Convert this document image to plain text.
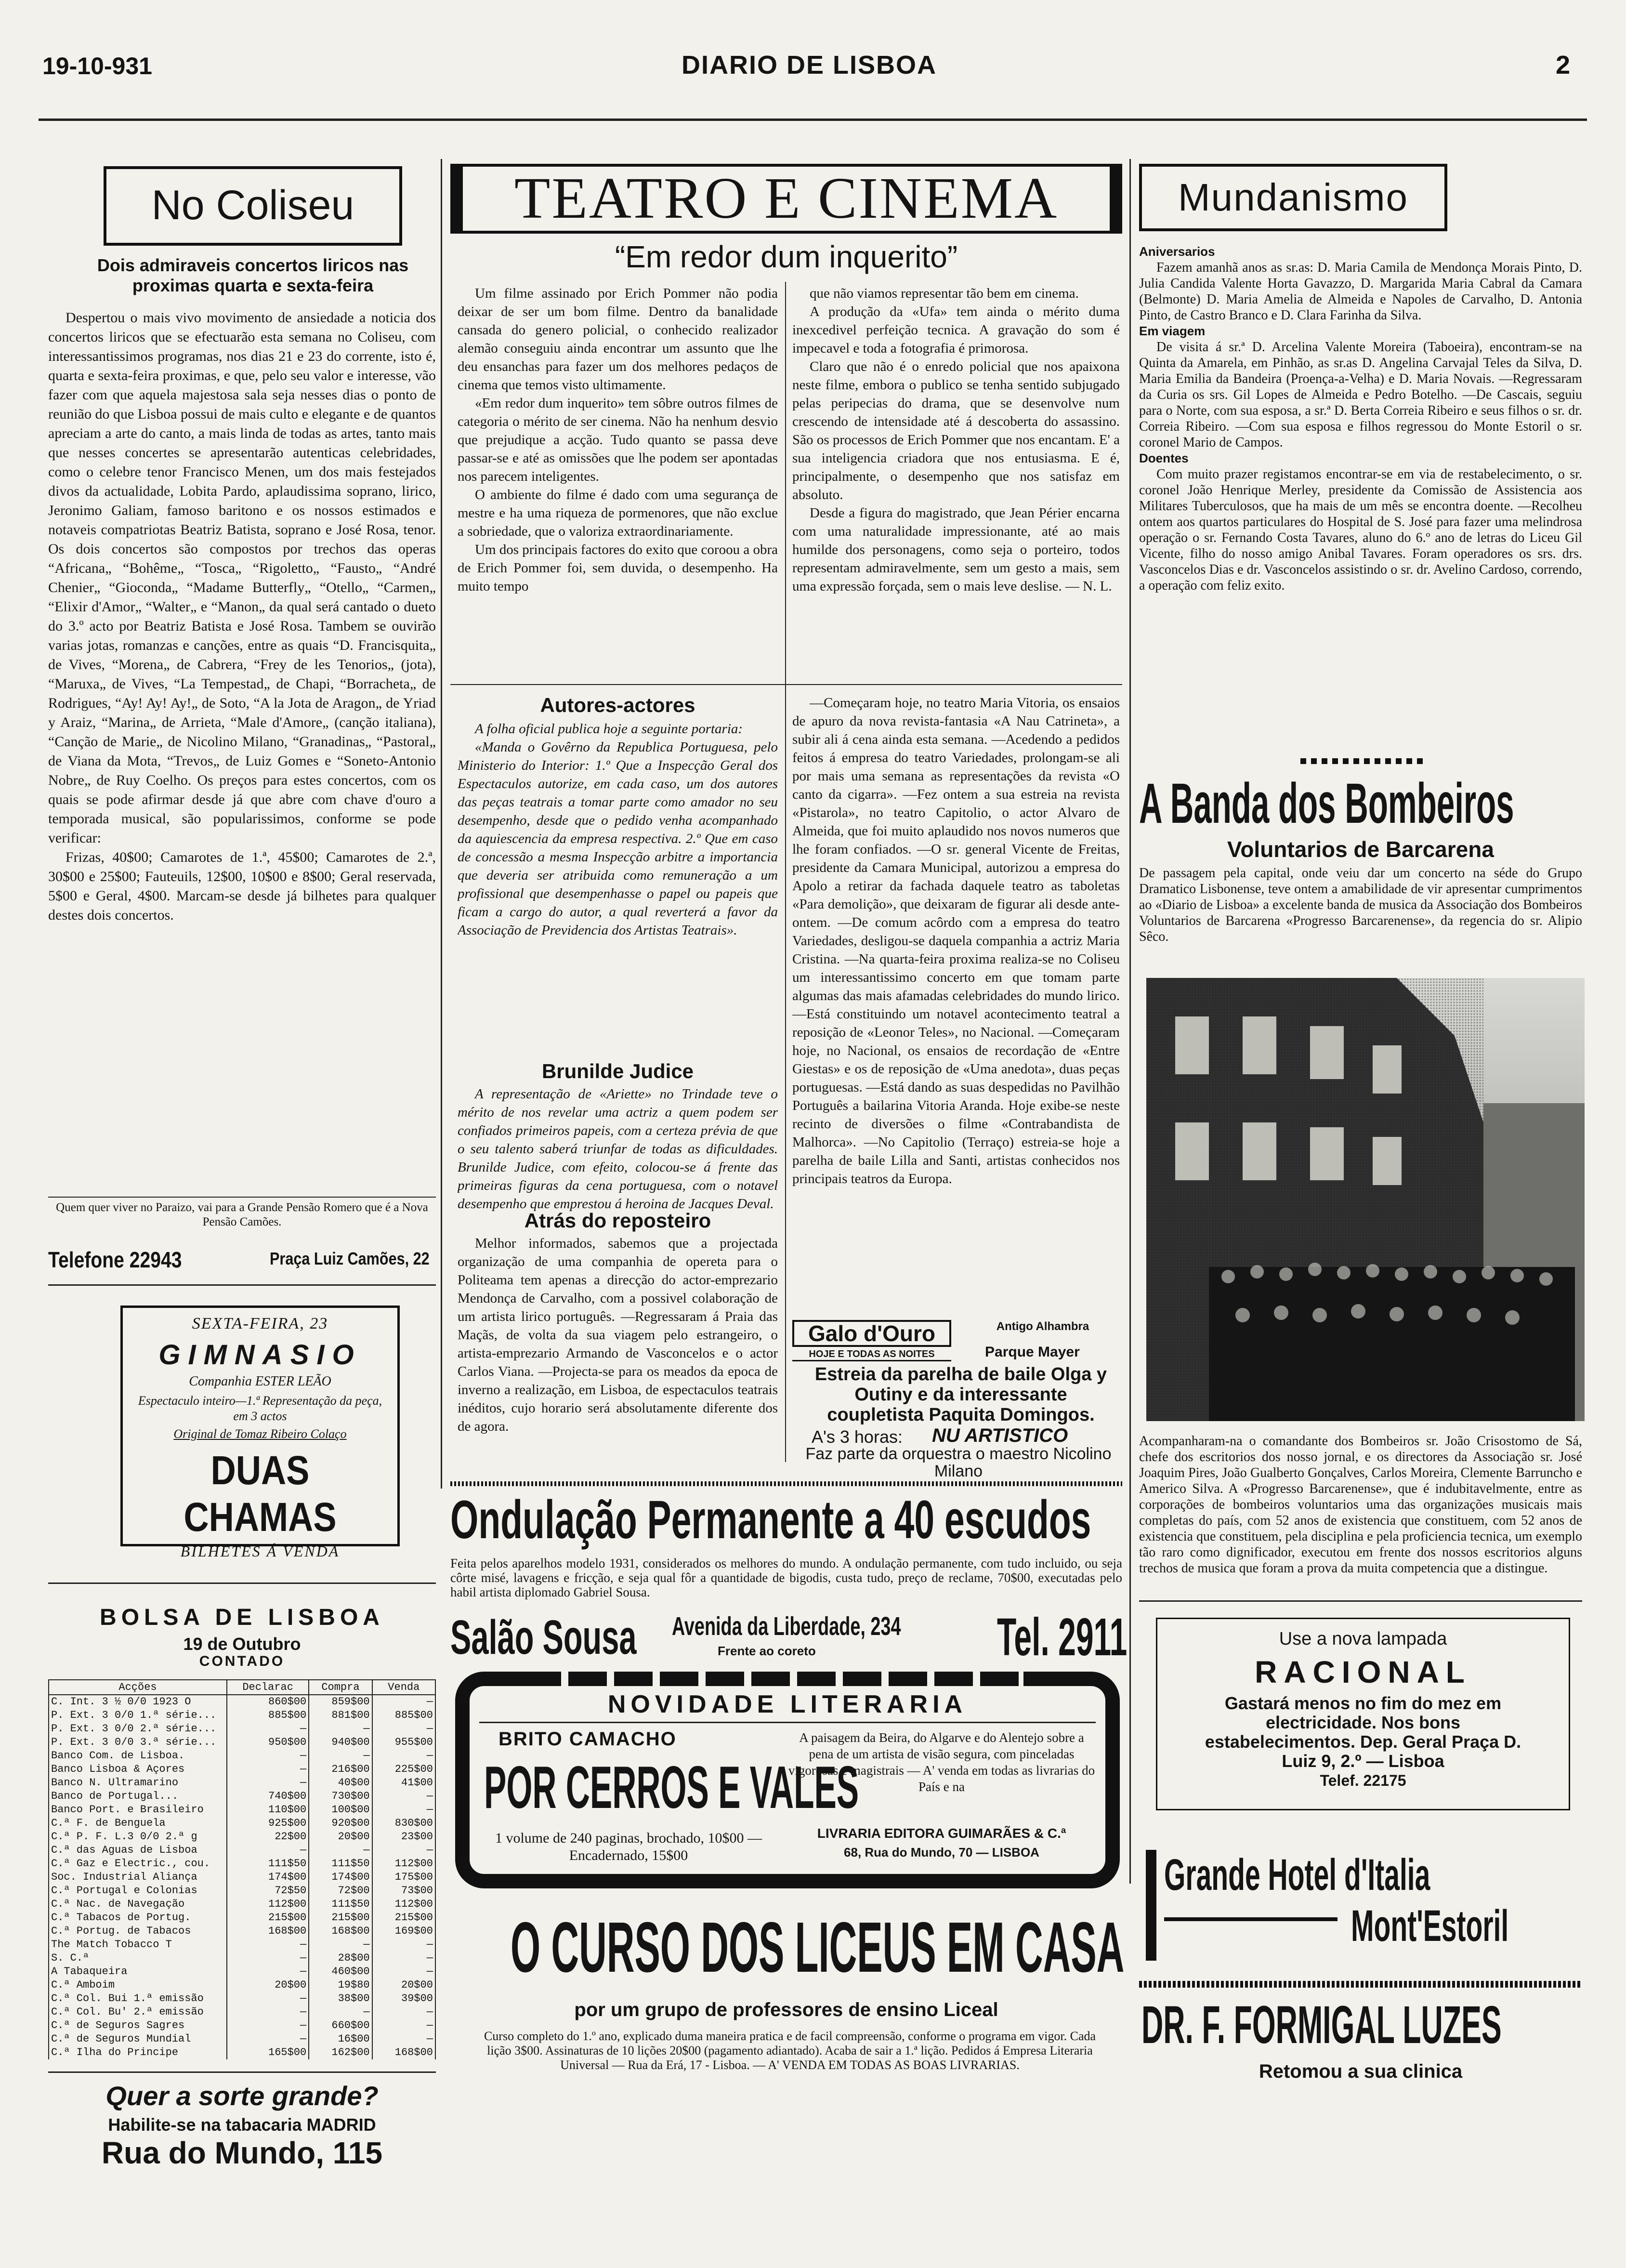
19-10-931	DIARIO DE LISBOA	2
No Coliseu
Dois admiraveis concertos liricos nas proximas quarta e sexta-feira

Despertou o mais vivo movimento de ansiedade a noticia dos concertos liricos que se efectuarão esta semana no Coliseu, com interessantissimos programas, nos dias 21 e 23 do corrente, isto é, quarta e sexta-feira proximas, e que, pelo seu valor e interesse, vão fazer com que aquela majestosa sala seja nesses dias o ponto de reunião do que Lisboa possui de mais culto e elegante e de quantos apreciam a arte do canto, a mais linda de todas as artes, tanto mais que nesses concertes se apresentarão autenticas celebridades, como o celebre tenor Francisco Menen, um dos mais festejados divos da actualidade, Lobita Pardo, aplaudissima soprano, lirico, Jeronimo Galiam, famoso baritono e os nossos estimados e notaveis compatriotas Beatriz Batista, soprano e José Rosa, tenor. Os dois concertos são compostos por trechos das operas “Africana„ “Bohême„ “Tosca„ “Rigoletto„ “Fausto„ “André Chenier„ “Gioconda„ “Madame Butterfly„ “Otello„ “Carmen„ “Elixir d'Amor„ “Walter„ e “Manon„ da qual será cantado o dueto do 3.º acto por Beatriz Batista e José Rosa. Tambem se ouvirão varias jotas, romanzas e canções, entre as quais “D. Francisquita„ de Vives, “Morena„ de Cabrera, “Frey de les Tenorios„ (jota), “Maruxa„ de Vives, “La Tempestad„ de Chapi, “Borracheta„ de Rodrigues, “Ay! Ay! Ay!„ de Soto, “A la Jota de Aragon„ de Yriad y Araiz, “Marina„ de Arrieta, “Male d'Amore„ (canção italiana), “Canção de Marie„ de Nicolino Milano, “Granadinas„ “Pastoral„ de Viana da Mota, “Trevos„ de Luiz Gomes e “Soneto-Antonio Nobre„ de Ruy Coelho. Os preços para estes concertos, com os quais se pode afirmar desde já que abre com chave d'ouro a temporada musical, são popularissimos, conforme se pode verificar:

Frizas, 40$00; Camarotes de 1.ª, 45$00; Camarotes de 2.ª, 30$00 e 25$00; Fauteuils, 12$00, 10$00 e 8$00; Geral reservada, 5$00 e Geral, 4$00. Marcam-se desde já bilhetes para qualquer destes dois concertos.

Quem quer viver no Paraizo, vai para a Grande Pensão Romero que é a Nova Pensão Camões.
Telefone 22943	Praça Luiz Camões, 22
SEXTA-FEIRA, 23
GIMNASIO
Companhia ESTER LEÃO
Espectaculo inteiro—1.ª Representação da peça, em 3 actos
Original de Tomaz Ribeiro Colaço
DUAS CHAMAS
BILHETES Á VENDA
BOLSA DE LISBOA
19 de Outubro
CONTADO
Acções	Declarac	Compra	Venda
C. Int. 3 ½ 0/0 1923 O	860$00	859$00	—
P. Ext. 3 0/0 1.ª série...	885$00	881$00	885$00
P. Ext. 3 0/0 2.ª série...	—	—	—
P. Ext. 3 0/0 3.ª série...	950$00	940$00	955$00
Banco Com. de Lisboa.	—	—	—
Banco Lisboa & Açores	—	216$00	225$00
Banco N. Ultramarino	—	40$00	41$00
Banco de Portugal...	740$00	730$00	—
Banco Port. e Brasileiro	110$00	100$00	—
C.ª F. de Benguela	925$00	920$00	830$00
C.ª P. F. L.3 0/0 2.ª g	22$00	20$00	23$00
C.ª das Aguas de Lisboa	—	—	—
C.ª Gaz e Electric., cou.	111$50	111$50	112$00
Soc. Industrial Aliança	174$00	174$00	175$00
C.ª Portugal e Colonias	72$50	72$00	73$00
C.ª Nac. de Navegação	112$00	111$50	112$00
C.ª Tabacos de Portug.	215$00	215$00	215$00
C.ª Portug. de Tabacos	168$00	168$00	169$00
The Match Tobacco T	—	—	—
S. C.ª	—	28$00	—
A Tabaqueira	—	460$00	—
C.ª Amboim	20$00	19$80	20$00
C.ª Col. Bui 1.ª emissão	—	38$00	39$00
C.ª Col. Bu' 2.ª emissão	—	—	—
C.ª de Seguros Sagres	—	660$00	—
C.ª de Seguros Mundial	—	16$00	—
C.ª Ilha do Principe	165$00	162$00	168$00
Quer a sorte grande?
Habilite-se na tabacaria MADRID
Rua do Mundo, 115
TEATRO E CINEMA
“Em redor dum inquerito”

Um filme assinado por Erich Pommer não podia deixar de ser um bom filme. Dentro da banalidade cansada do genero policial, o conhecido realizador alemão conseguiu ainda encontrar um assunto que lhe deu ensanchas para fazer um dos melhores pedaços de cinema que temos visto ultimamente.

«Em redor dum inquerito» tem sôbre outros filmes de categoria o mérito de ser cinema. Não ha nenhum desvio que prejudique a acção. Tudo quanto se passa deve passar-se e até as omissões que lhe podem ser apontadas nos parecem inteligentes.

O ambiente do filme é dado com uma segurança de mestre e ha uma riqueza de pormenores, que não exclue a sobriedade, que o valoriza extraordinariamente.

Um dos principais factores do exito que coroou a obra de Erich Pommer foi, sem duvida, o desempenho. Ha muito tempo

que não viamos representar tão bem em cinema.

A produção da «Ufa» tem ainda o mérito duma inexcedivel perfeição tecnica. A gravação do som é impecavel e toda a fotografia é primorosa.

Claro que não é o enredo policial que nos apaixona neste filme, embora o publico se tenha sentido subjugado pelas peripecias do drama, que se desenvolve num crescendo de intensidade até á descoberta do assassino. São os processos de Erich Pommer que nos encantam. E' a sua inteligencia criadora que nos entusiasma. E é, principalmente, o desempenho que nos satisfaz em absoluto.

Desde a figura do magistrado, que Jean Périer encarna com uma naturalidade impressionante, até ao mais humilde dos personagens, como seja o porteiro, todos representam admiravelmente, sem um gesto a mais, sem uma expressão forçada, sem o mais leve deslise. — N. L.

Autores-actores

A folha oficial publica hoje a seguinte portaria:

«Manda o Govêrno da Republica Portuguesa, pelo Ministerio do Interior: 1.º Que a Inspecção Geral dos Espectaculos autorize, em cada caso, um dos autores das peças teatrais a tomar parte como amador no seu desempenho, desde que o pedido venha acompanhado da aquiescencia da empresa respectiva. 2.º Que em caso de concessão a mesma Inspecção arbitre a importancia que deveria ser atribuida como remuneração a um profissional que desempenhasse o papel ou papeis que ficam a cargo do autor, a qual reverterá a favor da Associação de Previdencia dos Artistas Teatrais».

Brunilde Judice

A representação de «Ariette» no Trindade teve o mérito de nos revelar uma actriz a quem podem ser confiados primeiros papeis, com a certeza prévia de que o seu talento saberá triunfar de todas as dificuldades. Brunilde Judice, com efeito, colocou-se á frente das primeiras figuras da cena portuguesa, com o notavel desempenho que emprestou á heroina de Jacques Deval.

Atrás do reposteiro

Melhor informados, sabemos que a projectada organização de uma companhia de opereta para o Politeama tem apenas a direcção do actor-emprezario Mendonça de Carvalho, com a possivel colaboração de um artista lirico português. —Regressaram á Praia das Maçãs, de volta da sua viagem pelo estrangeiro, o artista-emprezario Armando de Vasconcelos e o actor Carlos Viana. —Projecta-se para os meados da epoca de inverno a realização, em Lisboa, de espectaculos teatrais inéditos, cujo horario será absolutamente diferente dos de agora.

—Começaram hoje, no teatro Maria Vitoria, os ensaios de apuro da nova revista-fantasia «A Nau Catrineta», a subir ali á cena ainda esta semana. —Acedendo a pedidos feitos á empresa do teatro Variedades, prolongam-se ali por mais uma semana as representações da revista «O canto da cigarra». —Fez ontem a sua estreia na revista «Pistarola», no teatro Capitolio, o actor Alvaro de Almeida, que foi muito aplaudido nos novos numeros que lhe foram confiados. —O sr. general Vicente de Freitas, presidente da Camara Municipal, autorizou a empresa do Apolo a retirar da fachada daquele teatro as taboletas «Para demolição», que deixaram de figurar ali desde ante-ontem. —De comum acôrdo com a empresa do teatro Variedades, desligou-se daquela companhia a actriz Maria Cristina. —Na quarta-feira proxima realiza-se no Coliseu um interessantissimo concerto em que tomam parte algumas das mais afamadas celebridades do mundo lirico. —Está constituindo um notavel acontecimento teatral a reposição de «Leonor Teles», no Nacional. —Começaram hoje, no Nacional, os ensaios de recordação de «Entre Giestas» e os de reposição de «Uma anedota», duas peças portuguesas. —Está dando as suas despedidas no Pavilhão Português a bailarina Vitoria Aranda. Hoje exibe-se neste recinto de diversões o filme «Contrabandista de Malhorca». —No Capitolio (Terraço) estreia-se hoje a parelha de baile Lilla and Santi, artistas conhecidos nos principais teatros da Europa.

Galo d'Ouro	Antigo Alhambra
HOJE E TODAS AS NOITES	Parque Mayer
Estreia da parelha de baile Olga y Outiny e da interessante coupletista Paquita Domingos.
A's 3 horas: NU ARTISTICO
Faz parte da orquestra o maestro Nicolino Milano
Ondulação Permanente a 40 escudos
Feita pelos aparelhos modelo 1931, considerados os melhores do mundo. A ondulação permanente, com tudo incluido, ou seja côrte misé, lavagens e fricção, e seja qual fôr a quantidade de bigodis, custa tudo, preço de reclame, 70$00, executadas pelo habil artista diplomado Gabriel Sousa.
Salão Sousa Avenida da Liberdade, 234
Frente ao coreto	Tel. 2911
NOVIDADE LITERARIA
BRITO CAMACHO
POR CERROS E VALES
1 volume de 240 paginas, brochado, 10$00 — Encadernado, 15$00
A paisagem da Beira, do Algarve e do Alentejo sobre a pena de um artista de visão segura, com pinceladas vigorosas e magistrais — A' venda em todas as livrarias do País e na
LIVRARIA EDITORA GUIMARÃES & C.ª
68, Rua do Mundo, 70 — LISBOA
O CURSO DOS LICEUS EM CASA
por um grupo de professores de ensino Liceal
Curso completo do 1.º ano, explicado duma maneira pratica e de facil compreensão, conforme o programa em vigor. Cada lição 3$00. Assinaturas de 10 lições 20$00 (pagamento adiantado). Acaba de sair a 1.ª lição. Pedidos á Empresa Literaria Universal — Rua da Erá, 17 - Lisboa. — A' VENDA EM TODAS AS BOAS LIVRARIAS.
Mundanismo
Aniversarios

Fazem amanhã anos as sr.as: D. Maria Camila de Mendonça Morais Pinto, D. Julia Candida Valente Horta Gavazzo, D. Margarida Maria Cabral da Camara (Belmonte) D. Maria Amelia de Almeida e Napoles de Carvalho, D. Antonia Pinto, de Castro Branco e D. Clara Farinha da Silva.

Em viagem

De visita á sr.ª D. Arcelina Valente Moreira (Taboeira), encontram-se na Quinta da Amarela, em Pinhão, as sr.as D. Angelina Carvajal Teles da Silva, D. Maria Emilia da Bandeira (Proença-a-Velha) e D. Maria Novais. —Regressaram da Curia os srs. Gil Lopes de Almeida e Pedro Botelho. —De Cascais, seguiu para o Norte, com sua esposa, a sr.ª D. Berta Correia Ribeiro e seus filhos o sr. dr. Correia Ribeiro. —Com sua esposa e filhos regressou do Monte Estoril o sr. coronel Mario de Campos.

Doentes

Com muito prazer registamos encontrar-se em via de restabelecimento, o sr. coronel João Henrique Merley, presidente da Comissão de Assistencia aos Militares Tuberculosos, que ha mais de um mês se encontra doente. —Recolheu ontem aos quartos particulares do Hospital de S. José para fazer uma melindrosa operação o sr. Fernando Costa Tavares, aluno do 6.º ano de letras do Liceu Gil Vicente, filho do nosso amigo Anibal Tavares. Foram operadores os srs. drs. Vasconcelos Dias e dr. Vasconcelos assistindo o sr. dr. Avelino Cardoso, correndo, a operação com feliz exito.

A Banda dos Bombeiros
Voluntarios de Barcarena
De passagem pela capital, onde veiu dar um concerto na séde do Grupo Dramatico Lisbonense, teve ontem a amabilidade de vir apresentar cumprimentos ao «Diario de Lisboa» a excelente banda de musica da Associação dos Bombeiros Voluntarios de Barcarena «Progresso Barcarenense», da regencia do sr. Alipio Sêco.
Acompanharam-na o comandante dos Bombeiros sr. João Crisostomo de Sá, chefe dos escritorios dos nosso jornal, e os directores da Associação sr. José Joaquim Pires, João Gualberto Gonçalves, Carlos Moreira, Clemente Barruncho e Americo Silva. A «Progresso Barcarenense», que é indubitavelmente, entre as corporações de bombeiros voluntarios uma das organizações musicais mais completas do país, com 52 anos de existencia que constituem, com 52 anos de existencia que constituem, pela disciplina e pela proficiencia tecnica, um exemplo tão raro como dignificador, executou em frente dos nossos escritorios alguns trechos de musica que foram a prova da muita competencia que a distingue.
Use a nova lampada
RACIONAL
Gastará menos no fim do mez em electricidade. Nos bons estabelecimentos. Dep. Geral Praça D. Luiz 9, 2.º — Lisboa
Telef. 22175
Grande Hotel d'Italia
Mont'Estoril
DR. F. FORMIGAL LUZES
Retomou a sua clinica
